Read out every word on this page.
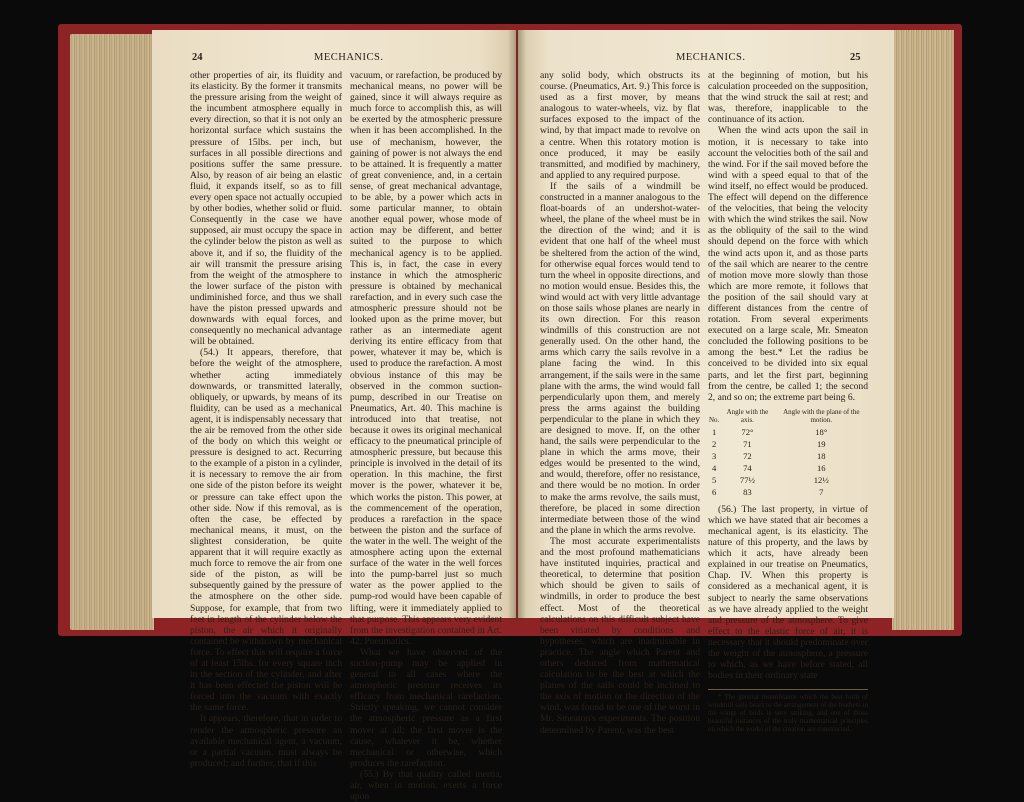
24	MECHANICS.

other properties of air, its fluidity and its elasticity. By the former it transmits the pressure arising from the weight of the incumbent atmosphere equally in every direction, so that it is not only an horizontal surface which sustains the pressure of 15lbs. per inch, but surfaces in all possible directions and positions suffer the same pressure. Also, by reason of air being an elastic fluid, it expands itself, so as to fill every open space not actually occupied by other bodies, whether solid or fluid. Consequently in the case we have supposed, air must occupy the space in the cylinder below the piston as well as above it, and if so, the fluidity of the air will transmit the pressure arising from the weight of the atmosphere to the lower surface of the piston with undiminished force, and thus we shall have the piston pressed upwards and downwards with equal forces, and consequently no mechanical advantage will be obtained.

(54.) It appears, therefore, that before the weight of the atmosphere, whether acting immediately downwards, or transmitted laterally, obliquely, or upwards, by means of its fluidity, can be used as a mechanical agent, it is indispensably necessary that the air be removed from the other side of the body on which this weight or pressure is designed to act. Recurring to the example of a piston in a cylinder, it is necessary to remove the air from one side of the piston before its weight or pressure can take effect upon the other side. Now if this removal, as is often the case, be effected by mechanical means, it must, on the slightest consideration, be quite apparent that it will require exactly as much force to remove the air from one side of the piston, as will be subsequently gained by the pressure of the atmosphere on the other side. Suppose, for example, that from two feet in length of the cylinder below the piston, the air which it originally contained be withdrawn by mechanical force. To effect this will require a force of at least 15lbs. for every square inch in the section of the cylinder, and after it has been effected the piston will be forced into the vacuum with exactly the same force.

It appears, therefore, that in order to render the atmospheric pressure an available mechanical agent, a vacuum, or a partial vacuum, must always be produced; and further, that if this

vacuum, or rarefaction, be produced by mechanical means, no power will be gained, since it will always require as much force to accomplish this, as will be exerted by the atmospheric pressure when it has been accomplished. In the use of mechanism, however, the gaining of power is not always the end to be attained. It is frequently a matter of great convenience, and, in a certain sense, of great mechanical advantage, to be able, by a power which acts in some particular manner, to obtain another equal power, whose mode of action may be different, and better suited to the purpose to which mechanical agency is to be applied. This is, in fact, the case in every instance in which the atmospheric pressure is obtained by mechanical rarefaction, and in every such case the atmospheric pressure should not be looked upon as the prime mover, but rather as an intermediate agent deriving its entire efficacy from that power, whatever it may be, which is used to produce the rarefaction. A most obvious instance of this may be observed in the common suction-pump, described in our Treatise on Pneumatics, Art. 40. This machine is introduced into that treatise, not because it owes its original mechanical efficacy to the pneumatical principle of atmospheric pressure, but because this principle is involved in the detail of its operation. In this machine, the first mover is the power, whatever it be, which works the piston. This power, at the commencement of the operation, produces a rarefaction in the space between the piston and the surface of the water in the well. The weight of the atmosphere acting upon the external surface of the water in the well forces into the pump-barrel just so much water as the power applied to the pump-rod would have been capable of lifting, were it immediately applied to that purpose. This appears very evident from the investigation contained in Art. 42. Pneumatics.

What we have observed of the suction-pump may be applied in general to all cases where the atmospheric pressure receives its efficacy from mechanical rarefaction. Strictly speaking, we cannot consider the atmospheric pressure as a first mover at all; the first mover is the cause, whatever it be, whether mechanical or otherwise, which produces the rarefaction.

(55.) By that quality called inertia, air, when in motion, exerts a force upon

MECHANICS.	25

any solid body, which obstructs its course. (Pneumatics, Art. 9.) This force is used as a first mover, by means analogous to water-wheels, viz. by flat surfaces exposed to the impact of the wind, by that impact made to revolve on a centre. When this rotatory motion is once produced, it may be easily transmitted, and modified by machinery, and applied to any required purpose.

If the sails of a windmill be constructed in a manner analogous to the float-boards of an undershot-water-wheel, the plane of the wheel must be in the direction of the wind; and it is evident that one half of the wheel must be sheltered from the action of the wind, for otherwise equal forces would tend to turn the wheel in opposite directions, and no motion would ensue. Besides this, the wind would act with very little advantage on those sails whose planes are nearly in its own direction. For this reason windmills of this construction are not generally used. On the other hand, the arms which carry the sails revolve in a plane facing the wind. In this arrangement, if the sails were in the same plane with the arms, the wind would fall perpendicularly upon them, and merely press the arms against the building perpendicular to the plane in which they are designed to move. If, on the other hand, the sails were perpendicular to the plane in which the arms move, their edges would be presented to the wind, and would, therefore, offer no resistance, and there would be no motion. In order to make the arms revolve, the sails must, therefore, be placed in some direction intermediate between those of the wind and the plane in which the arms revolve.

The most accurate experimentalists and the most profound mathematicians have instituted inquiries, practical and theoretical, to determine that position which should be given to sails of windmills, in order to produce the best effect. Most of the theoretical calculations on this difficult subject have been vitiated by conditions and hypotheses, which are inadmissible in practice. The angle which Parent and others deduced from mathematical calculation to be the best at which the planes of the sails could be inclined to the axis of motion or the direction of the wind, was found to be one of the worst in Mr. Smeaton's experiments. The position determined by Parent, was the best

at the beginning of motion, but his calculation proceeded on the supposition, that the wind struck the sail at rest; and was, therefore, inapplicable to the continuance of its action.

When the wind acts upon the sail in motion, it is necessary to take into account the velocities both of the sail and the wind. For if the sail moved before the wind with a speed equal to that of the wind itself, no effect would be produced. The effect will depend on the difference of the velocities, that being the velocity with which the wind strikes the sail. Now as the obliquity of the sail to the wind should depend on the force with which the wind acts upon it, and as those parts of the sail which are nearer to the centre of motion move more slowly than those which are more remote, it follows that the position of the sail should vary at different distances from the centre of rotation. From several experiments executed on a large scale, Mr. Smeaton concluded the following positions to be among the best.* Let the radius be conceived to be divided into six equal parts, and let the first part, beginning from the centre, be called 1; the second 2, and so on; the extreme part being 6.

No.	Angle with the axis.	Angle with the plane of the motion.
1	72°	18°
2	71	19
3	72	18
4	74	16
5	77½	12½
6	83	7

(56.) The last property, in virtue of which we have stated that air becomes a mechanical agent, is its elasticity. The nature of this property, and the laws by which it acts, have already been explained in our treatise on Pneumatics, Chap. IV. When this property is considered as a mechanical agent, it is subject to nearly the same observations as we have already applied to the weight and pressure of the atmosphere. To give effect to the elastic force of air, it is necessary that it should predominate over the weight of the atmosphere, a pressure to which, as we have before stated, all bodies in their ordinary state

* The general resemblance which the best form of windmill sails bears to the arrangement of the feathers in the wings of birds is very striking, and one of those beautiful instances of the truly mathematical principles on which the works of the creation are constructed.
